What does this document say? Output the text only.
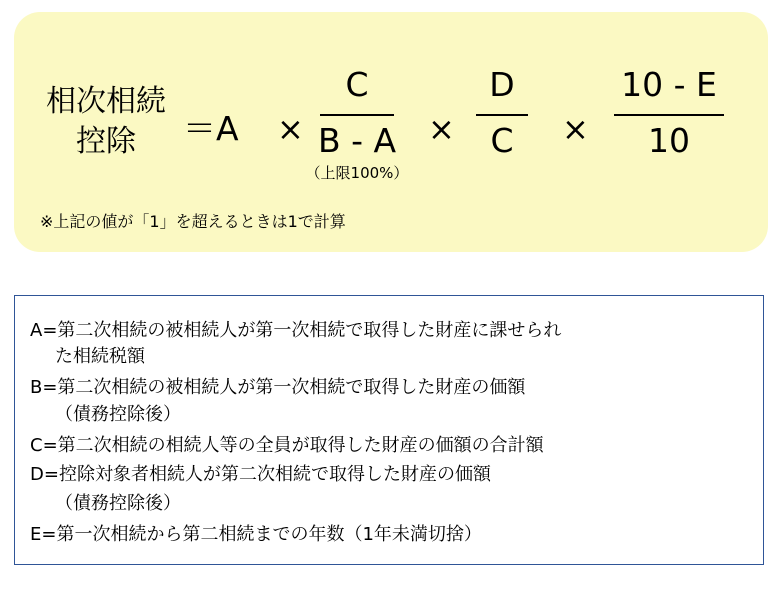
相次相続
控除	＝A ×
C
B - A
（上限100%）
×
D
C	×
10 - E
10
※上記の値が「1」を超えるときは1で計算
A=第二次相続の被相続人が第一次相続で取得した財産に課せられ
た相続税額
B=第二次相続の被相続人が第一次相続で取得した財産の価額
（債務控除後）
C=第二次相続の相続人等の全員が取得した財産の価額の合計額
D=控除対象者相続人が第二次相続で取得した財産の価額
（債務控除後）
E=第一次相続から第二相続までの年数（1年未満切捨）
